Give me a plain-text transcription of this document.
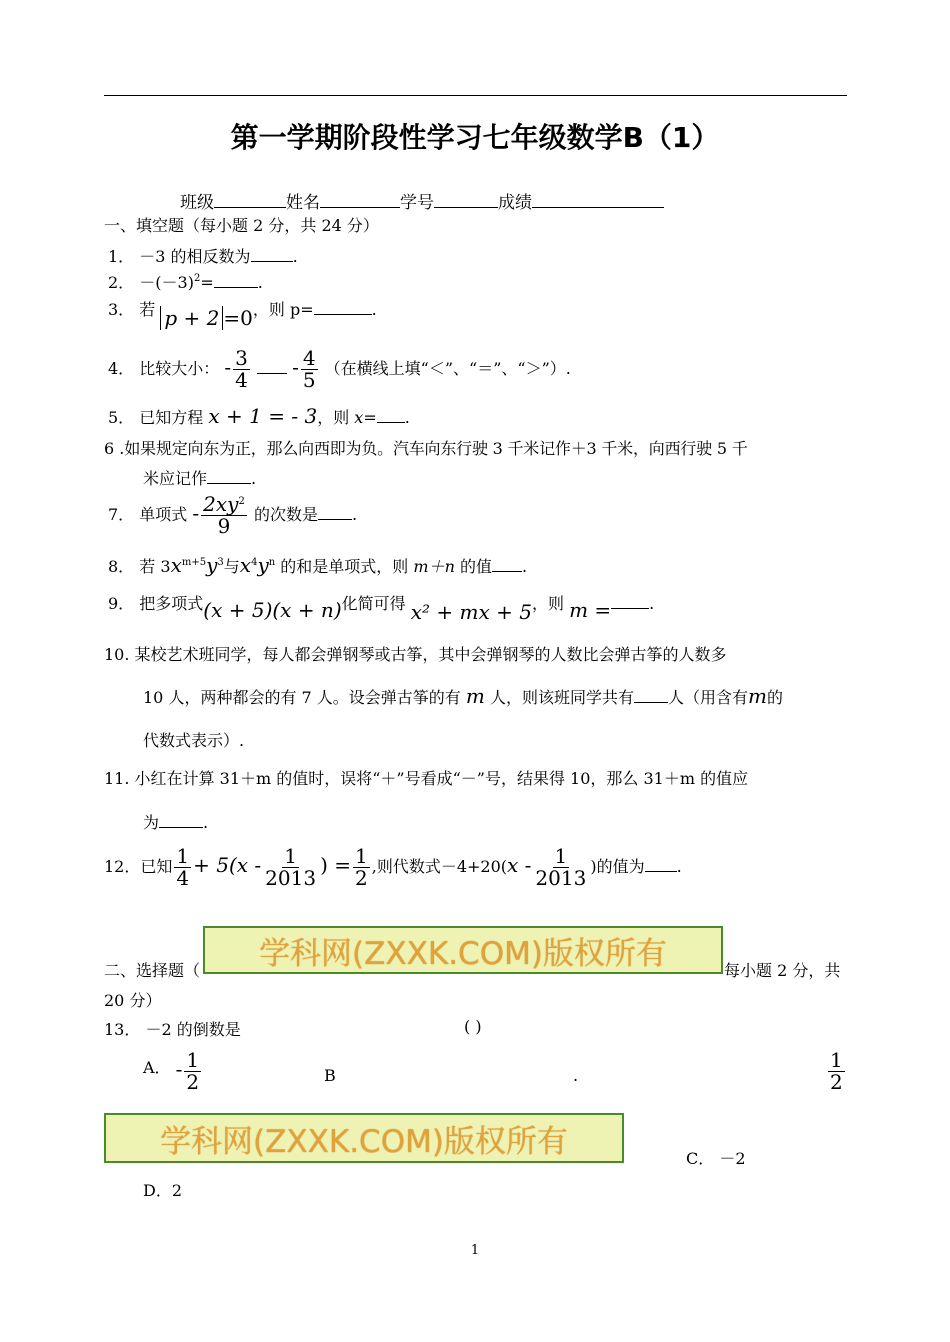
第一学期阶段性学习七年级数学B（1）
班级	姓名	学号	成绩
一、填空题（每小题 2 分，共 24 分）
1． －3 的相反数为	.
2． $-(-3)^2=$	.
3． 若 p + 2 =0，则 p=	.
4． 比较大小： - $\frac{3}{4} - \frac{4}{5}$ （在横线上填“＜”、“＝”、“＞”）.
5． 已知方程 x + 1 = - 3，则 x= .
6 .如果规定向东为正，那么向西即为负。汽车向东行驶 3 千米记作＋3 千米，向西行驶 5 千
米应记作	.
7． 单项式 - $\frac{2xy^2}{9}$ 的次数是 .
8． 若 $3x^{m+5}y^3$与$x^4y^n$ 的和是单项式，则 m＋n 的值 .
9． 把多项式(x + 5)(x + n)化简可得 x² + mx + 5，则 m = .
10. 某校艺术班同学，每人都会弹钢琴或古筝，其中会弹钢琴的人数比会弹古筝的人数多
10 人，两种都会的有 7 人。设会弹古筝的有 m 人，则该班同学共有 人（用含有m的
代数式表示）.
11. 小红在计算 31＋m 的值时，误将“＋”号看成“－”号，结果得 10，那么 31＋m 的值应
为	.
12．已知 $\frac{1}{4} + 5(x - \frac{1}{2013}$ ) = $\frac{1}{2}$ ,则代数式$-4+20(x - \frac{1}{2013}$ )的值为 .
二、选择题（	学科网(ZXXK.COM)版权所有	每小题 2 分，共
20 分）
13． －2 的倒数是	( )
A． - $\frac{1}{2}$	B	.	$\frac{1}{2}$
学科网(ZXXK.COM)版权所有	C． －2
D．2
1
